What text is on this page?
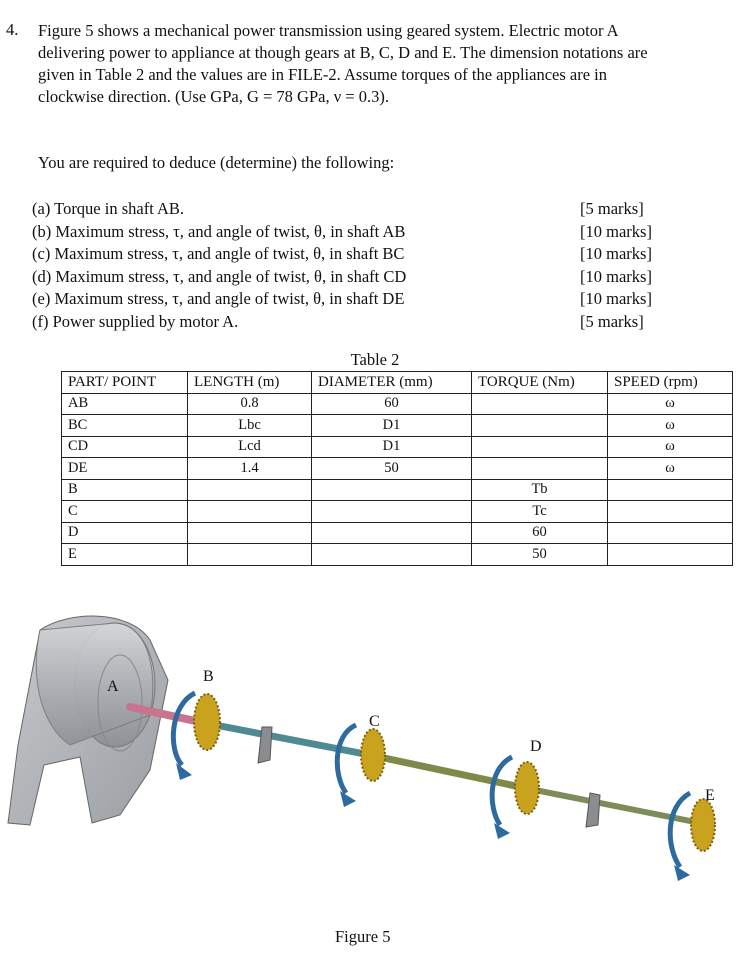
4. Figure 5 shows a mechanical power transmission using geared system. Electric motor A
delivering power to appliance at though gears at B, C, D and E. The dimension notations are
given in Table 2 and the values are in FILE-2. Assume torques of the appliances are in
clockwise direction. (Use GPa, G = 78 GPa, ν = 0.3).
You are required to deduce (determine) the following:
(a) Torque in shaft AB.
(b) Maximum stress, τ, and angle of twist, θ, in shaft AB
(c) Maximum stress, τ, and angle of twist, θ, in shaft BC
(d) Maximum stress, τ, and angle of twist, θ, in shaft CD
(e) Maximum stress, τ, and angle of twist, θ, in shaft DE
(f) Power supplied by motor A.
[5 marks]
[10 marks]
[10 marks]
[10 marks]
[10 marks]
[5 marks]
Table 2
PART/ POINT	LENGTH (m)	DIAMETER (mm)	TORQUE (Nm)	SPEED (rpm)
AB	0.8	60		ω
BC	Lbc	D1		ω
CD	Lcd	D1		ω
DE	1.4	50		ω
B			Tb	
C			Tc	
D			60	
E			50	
A
B
C
D
E
Figure 5
